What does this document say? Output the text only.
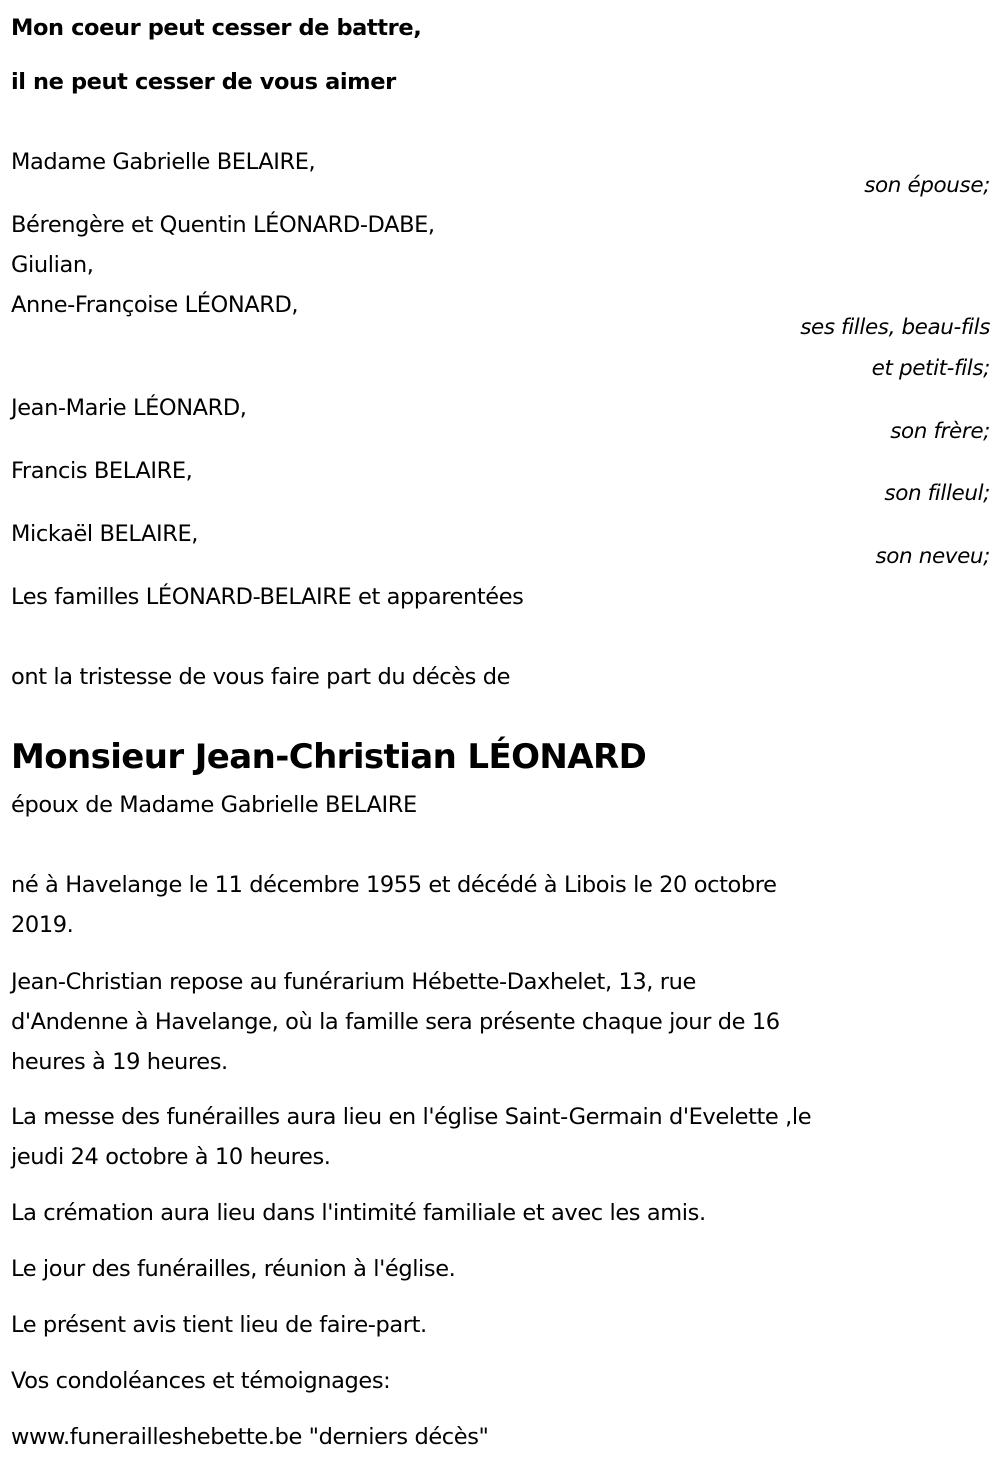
Mon coeur peut cesser de battre,
il ne peut cesser de vous aimer
Madame Gabrielle BELAIRE,
son épouse;
Bérengère et Quentin LÉONARD-DABE,
Giulian,
Anne-Françoise LÉONARD,
ses filles, beau-fils
et petit-fils;
Jean-Marie LÉONARD,
son frère;
Francis BELAIRE,
son filleul;
Mickaël BELAIRE,
son neveu;
Les familles LÉONARD-BELAIRE et apparentées
ont la tristesse de vous faire part du décès de
Monsieur Jean-Christian LÉONARD
époux de Madame Gabrielle BELAIRE
né à Havelange le 11 décembre 1955 et décédé à Libois le 20 octobre
2019.
Jean-Christian repose au funérarium Hébette-Daxhelet, 13, rue
d'Andenne à Havelange, où la famille sera présente chaque jour de 16
heures à 19 heures.
La messe des funérailles aura lieu en l'église Saint-Germain d'Evelette ,le
jeudi 24 octobre à 10 heures.
La crémation aura lieu dans l'intimité familiale et avec les amis.
Le jour des funérailles, réunion à l'église.
Le présent avis tient lieu de faire-part.
Vos condoléances et témoignages:
www.funerailleshebette.be "derniers décès"
